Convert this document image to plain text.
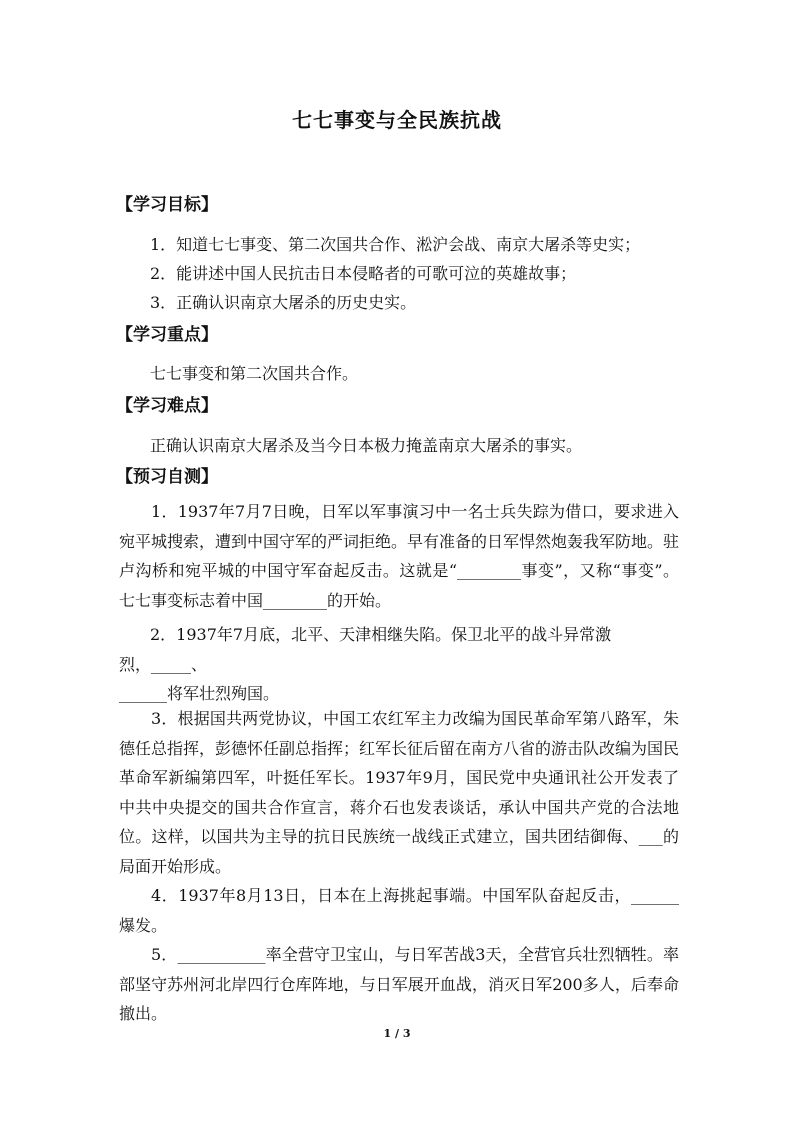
七七事变与全民族抗战
【学习目标】
1．知道七七事变、第二次国共合作、淞沪会战、南京大屠杀等史实；
2．能讲述中国人民抗击日本侵略者的可歌可泣的英雄故事；
3．正确认识南京大屠杀的历史史实。
【学习重点】
七七事变和第二次国共合作。
【学习难点】
正确认识南京大屠杀及当今日本极力掩盖南京大屠杀的事实。
【预习自测】
1．1937年7月7日晚，日军以军事演习中一名士兵失踪为借口，要求进入宛平城搜索，遭到中国守军的严词拒绝。早有准备的日军悍然炮轰我军防地。驻卢沟桥和宛平城的中国守军奋起反击。这就是“________事变”，又称“事变”。七七事变标志着中国________的开始。
2．1937年7月底，北平、天津相继失陷。保卫北平的战斗异常激
烈，_____、
______将军壮烈殉国。
3．根据国共两党协议，中国工农红军主力改编为国民革命军第八路军，朱德任总指挥，彭德怀任副总指挥；红军长征后留在南方八省的游击队改编为国民革命军新编第四军，叶挺任军长。1937年9月，国民党中央通讯社公开发表了中共中央提交的国共合作宣言，蒋介石也发表谈话，承认中国共产党的合法地位。这样，以国共为主导的抗日民族统一战线正式建立，国共团结御侮、___的局面开始形成。
4．1937年8月13日，日本在上海挑起事端。中国军队奋起反击，______爆发。
5．___________率全营守卫宝山，与日军苦战3天，全营官兵壮烈牺牲。率部坚守苏州河北岸四行仓库阵地，与日军展开血战，消灭日军200多人，后奉命撤出。
1 / 3
